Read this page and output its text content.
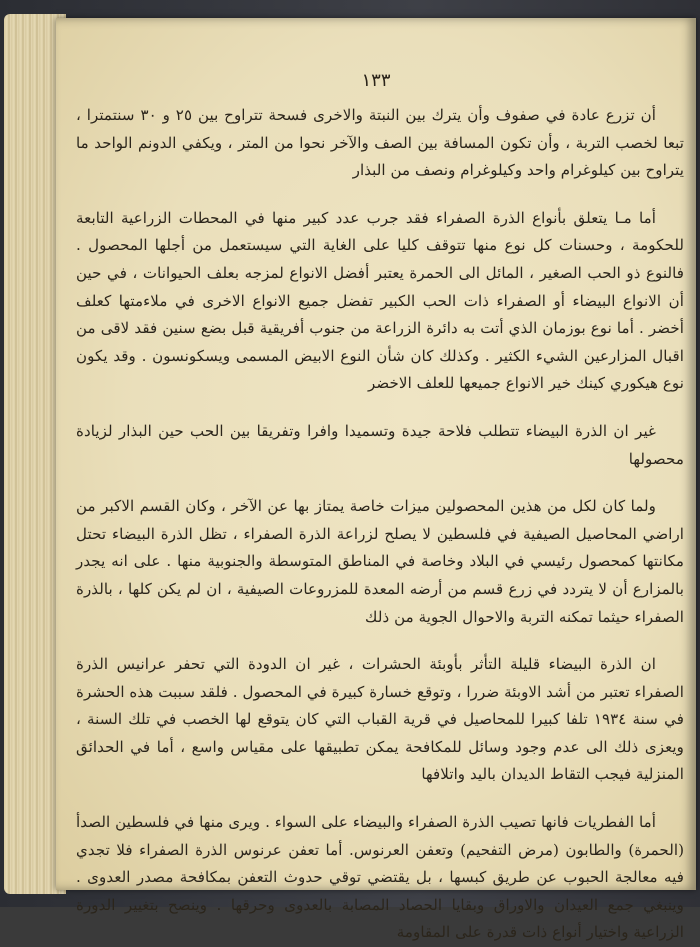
١٣٣

أن تزرع عادة في صفوف وأن يترك بين النبتة والاخرى فسحة تتراوح بين ٢٥ و ٣٠ سنتمترا ، تبعا لخصب التربة ، وأن تكون المسافة بين الصف والآخر نحوا من المتر ، ويكفي الدونم الواحد ما يتراوح بين كيلوغرام واحد وكيلوغرام ونصف من البذار

أما مـا يتعلق بأنواع الذرة الصفراء فقد جرب عدد كبير منها في المحطات الزراعية التابعة للحكومة ، وحسنات كل نوع منها تتوقف كليا على الغاية التي سيستعمل من أجلها المحصول . فالنوع ذو الحب الصغير ، المائل الى الحمرة يعتبر أفضل الانواع لمزجه بعلف الحيوانات ، في حين أن الانواع البيضاء أو الصفراء ذات الحب الكبير تفضل جميع الانواع الاخرى في ملاءمتها كعلف أخضر . أما نوع بوزمان الذي أتت به دائرة الزراعة من جنوب أفريقية قبل بضع سنين فقد لاقى من اقبال المزارعين الشيء الكثير . وكذلك كان شأن النوع الابيض المسمى ويسكونسون . وقد يكون نوع هيكوري كينك خير الانواع جميعها للعلف الاخضر

غير ان الذرة البيضاء تتطلب فلاحة جيدة وتسميدا وافرا وتفريقا بين الحب حين البذار لزيادة محصولها

ولما كان لكل من هذين المحصولين ميزات خاصة يمتاز بها عن الآخر ، وكان القسم الاكبر من اراضي المحاصيل الصيفية في فلسطين لا يصلح لزراعة الذرة الصفراء ، تظل الذرة البيضاء تحتل مكانتها كمحصول رئيسي في البلاد وخاصة في المناطق المتوسطة والجنوبية منها . على انه يجدر بالمزارع أن لا يتردد في زرع قسم من أرضه المعدة للمزروعات الصيفية ، ان لم يكن كلها ، بالذرة الصفراء حيثما تمكنه التربة والاحوال الجوية من ذلك

ان الذرة البيضاء قليلة التأثر بأوبئة الحشرات ، غير ان الدودة التي تحفر عرانيس الذرة الصفراء تعتبر من أشد الاوبئة ضررا ، وتوقع خسارة كبيرة في المحصول . فلقد سببت هذه الحشرة في سنة ١٩٣٤ تلفا كبيرا للمحاصيل في قرية القباب التي كان يتوقع لها الخصب في تلك السنة ، ويعزى ذلك الى عدم وجود وسائل للمكافحة يمكن تطبيقها على مقياس واسع ، أما في الحدائق المنزلية فيجب التقاط الديدان باليد واتلافها

أما الفطريات فانها تصيب الذرة الصفراء والبيضاء على السواء . ويرى منها في فلسطين الصدأ (الحمرة) والطابون (مرض التفحيم) وتعفن العرنوس. أما تعفن عرنوس الذرة الصفراء فلا تجدي فيه معالجة الحبوب عن طريق كبسها ، بل يقتضي توقي حدوث التعفن بمكافحة مصدر العدوى . وينبغي جمع العيدان والاوراق وبقايا الحصاد المصابة بالعدوى وحرقها . وينصح بتغيير الدورة الزراعية واختيار أنواع ذات قدرة على المقاومة
